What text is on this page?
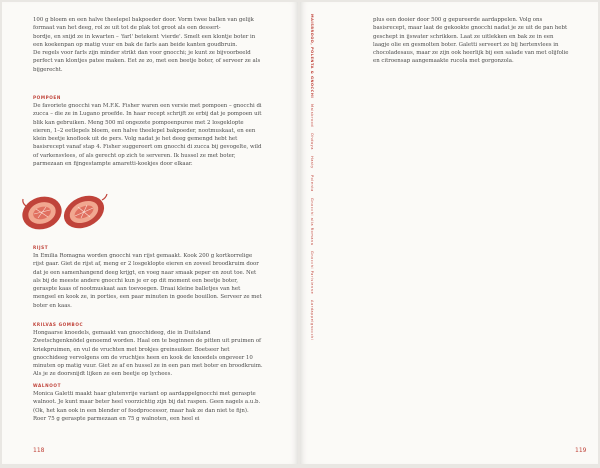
100 g bloem en een halve theelepel bakpoeder door. Vorm twee ballen van gelijk formaat van het deeg, rol ze uit tot de plak tot groot als een dessert-
bordje, en snijd ze in kwarten – 'farl' betekent 'vierde'. Smelt een klontje boter in een koekenpan op matig vuur en bak de farls aan beide kanten goudbruin.
De regels voor farls zijn minder strikt dan voor gnocchi; je kunt ze bijvoorbeeld perfect van klontjes patee maken. Eet ze zo, met een beetje boter, of serveer ze als bijgerecht.

POMPOEN

De favoriete gnocchi van M.F.K. Fisher waren een versie met pompoen – gnocchi di zucca – die ze in Lugano proefde. In haar recept schrijft ze erbij dat je pompoen uit blik kan gebruiken. Meng 500 ml ongezete pompoenpuree met 2 losgeklopte eieren, 1–2 eetlepels bloem, een halve theelepel bakpoeder, nootmuskaat, en een klein beetje knoflook uit de pers. Volg nadat je het deeg gemengd hebt het basisrecept vanaf stap 4. Fisher suggereert om gnocchi di zucca bij gevogelte, wild of varkensvlees, of als gerecht op zich te serveren. Ik hussel ze met boter, parmezaan en fijngestampte amaretti-koekjes door elkaar.

RIJST

In Emilia Romagna worden gnocchi van rijst gemaakt. Kook 200 g kortkorrelige rijst gaar. Giet de rijst af, meng er 2 losgeklopte eieren en zoveel broodkruim door dat je een samenhangend deeg krijgt, en voeg naar smaak peper en zout toe. Net als bij de meeste andere gnocchi kun je er op dit moment een beetje boter, geraspte kaas of nootmuskaat aan toevoegen. Draai kleine balletjes van het mengsel en kook ze, in porties, een paar minuten in goede bouillon. Serveer ze met boter en kaas.

KRILVAS GOMBOC

Hongaarse knoedels, gemaakt van gnocchideeg, die in Duitsland Zwetschgenknödel genoemd worden. Haal om te beginnen de pitten uit pruimen of kriekpruimen, en vul de vruchten met brokjes greinsuiker. Boetseer het gnocchideeg vervolgens om de vruchtjes heen en kook de knoedels ongeveer 10 minuten op matig vuur. Giet ze af en hussel ze in een pan met boter en broodkruim. Als je ze doorsnijdt lijken ze een beetje op lychees.

WALNOOT

Monica Galetti maakt haar glutenvrije variant op aardappelgnocchi met geraspte walnoot. Je kunt maar beter heel voorzichtig zijn bij dat raspen. Geen nagels a.u.b. (Ok, het kan ook in een blender of foodprocessor, maar hak ze dan niet te fijn). Roer 75 g geraspte parmezaan en 75 g walnoten, een heel ei

118
MAISBROOD, POLENTA & GNOCCHI
Maisbrood
Ohdaya
Hasty
Polenta
Gnocchi alla Romana
Gnocchi Parisienne
Aardappelgnocchi

plus een dooier door 500 g gepureerde aardappelen. Volg ons basisrecept, maar laat de gekookte gnocchi nadat je ze uit de pan hebt geschept in ijswater schrikken. Laat ze uitlekken en bak ze in een laagje olie en gesmolten boter. Galetti serveert ze bij hertenvlees in chocoladesaus, maar ze zijn ook heerlijk bij een salade van met olijfolie en citroensap aangemaakte rucola met gorgonzola.

119
